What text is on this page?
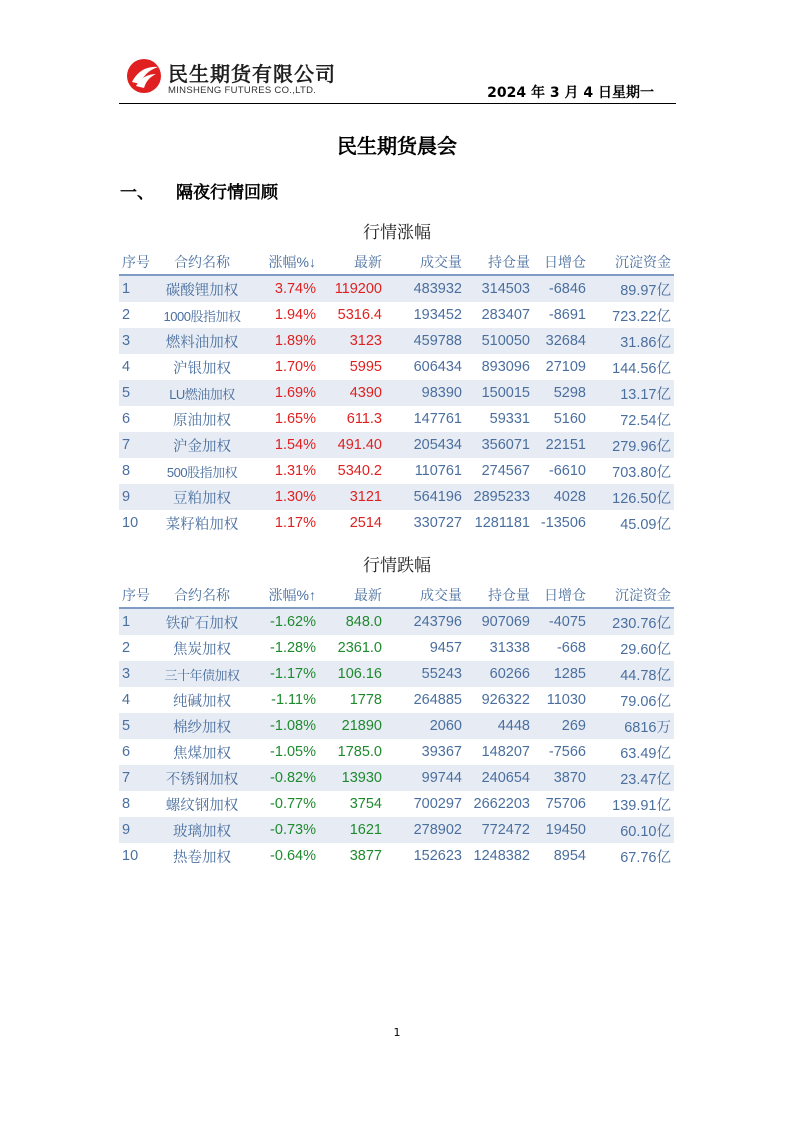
民生期货有限公司
MINSHENG FUTURES CO.,LTD.	2024 年 3 月 4 日星期一
民生期货晨会
一、 隔夜行情回顾
行情涨幅
序号	合约名称	涨幅%↓	最新	成交量	持仓量	日增仓	沉淀资金
1	碳酸锂加权	3.74%	119200	483932	314503	-6846	89.97亿
2	1000股指加权	1.94%	5316.4	193452	283407	-8691	723.22亿
3	燃料油加权	1.89%	3123	459788	510050	32684	31.86亿
4	沪银加权	1.70%	5995	606434	893096	27109	144.56亿
5	LU燃油加权	1.69%	4390	98390	150015	5298	13.17亿
6	原油加权	1.65%	611.3	147761	59331	5160	72.54亿
7	沪金加权	1.54%	491.40	205434	356071	22151	279.96亿
8	500股指加权	1.31%	5340.2	110761	274567	-6610	703.80亿
9	豆粕加权	1.30%	3121	564196	2895233	4028	126.50亿
10	菜籽粕加权	1.17%	2514	330727	1281181	-13506	45.09亿
行情跌幅
序号	合约名称	涨幅%↑	最新	成交量	持仓量	日增仓	沉淀资金
1	铁矿石加权	-1.62%	848.0	243796	907069	-4075	230.76亿
2	焦炭加权	-1.28%	2361.0	9457	31338	-668	29.60亿
3	三十年债加权	-1.17%	106.16	55243	60266	1285	44.78亿
4	纯碱加权	-1.11%	1778	264885	926322	11030	79.06亿
5	棉纱加权	-1.08%	21890	2060	4448	269	6816万
6	焦煤加权	-1.05%	1785.0	39367	148207	-7566	63.49亿
7	不锈钢加权	-0.82%	13930	99744	240654	3870	23.47亿
8	螺纹钢加权	-0.77%	3754	700297	2662203	75706	139.91亿
9	玻璃加权	-0.73%	1621	278902	772472	19450	60.10亿
10	热卷加权	-0.64%	3877	152623	1248382	8954	67.76亿
1
